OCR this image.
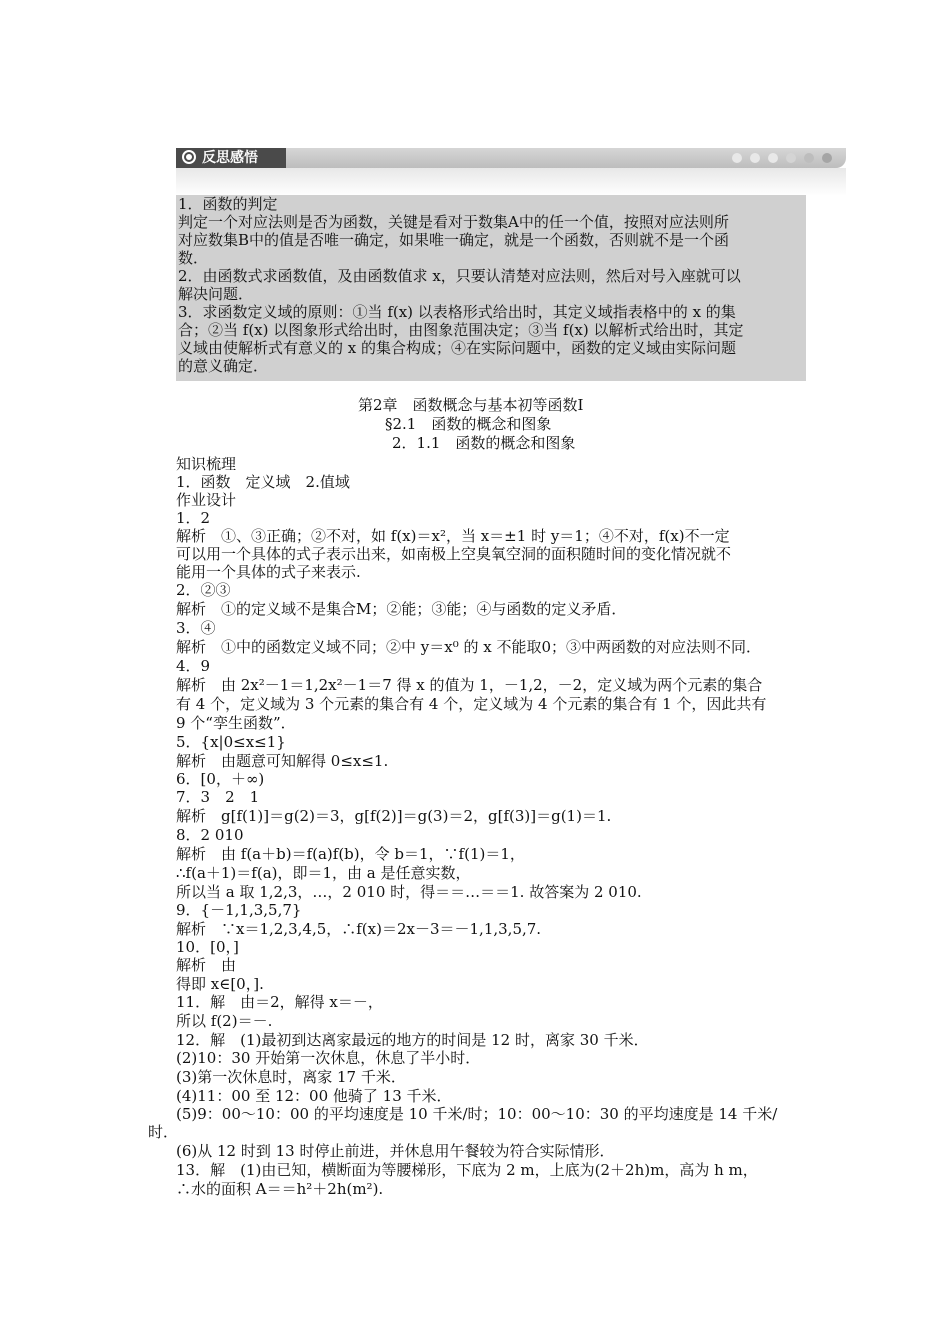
反思感悟
1．函数的判定
判定一个对应法则是否为函数，关键是看对于数集A中的任一个值，按照对应法则所
对应数集B中的值是否唯一确定，如果唯一确定，就是一个函数，否则就不是一个函
数．
2．由函数式求函数值，及由函数值求 x，只要认清楚对应法则，然后对号入座就可以
解决问题．
3．求函数定义域的原则：①当 f(x) 以表格形式给出时，其定义域指表格中的 x 的集
合；②当 f(x) 以图象形式给出时，由图象范围决定；③当 f(x) 以解析式给出时，其定
义域由使解析式有意义的 x 的集合构成；④在实际问题中，函数的定义域由实际问题
的意义确定．
第2章　函数概念与基本初等函数Ⅰ
§2.1　函数的概念和图象
2．1.1　函数的概念和图象
知识梳理
1．函数　定义域　2.值域
作业设计
1．2
解析　①、③正确；②不对，如 f(x)＝x²，当 x＝±1 时 y＝1；④不对，f(x)不一定
可以用一个具体的式子表示出来，如南极上空臭氧空洞的面积随时间的变化情况就不
能用一个具体的式子来表示.
2．②③
解析　①的定义域不是集合M；②能；③能；④与函数的定义矛盾．
3．④
解析　①中的函数定义域不同；②中 y＝x⁰ 的 x 不能取0；③中两函数的对应法则不同．
4．9
解析　由 2x²－1＝1,2x²－1＝7 得 x 的值为 1，－1,2，－2，定义域为两个元素的集合
有 4 个，定义域为 3 个元素的集合有 4 个，定义域为 4 个元素的集合有 1 个，因此共有
9 个“孪生函数”．
5．{x|0≤x≤1}
解析　由题意可知解得 0≤x≤1.
6．[0，＋∞)
7．3　2　1
解析　g[f(1)]＝g(2)＝3，g[f(2)]＝g(3)＝2，g[f(3)]＝g(1)＝1.
8．2 010
解析　由 f(a＋b)＝f(a)f(b)，令 b＝1，∵f(1)＝1，
∴f(a＋1)＝f(a)，即＝1，由 a 是任意实数，
所以当 a 取 1,2,3，…，2 010 时，得＝＝…＝＝1. 故答案为 2 010.
9．{－1,1,3,5,7}
解析　∵x＝1,2,3,4,5，∴f(x)＝2x－3＝－1,1,3,5,7.
10．[0，]
解析　由
得即 x∈[0，].
11．解　由＝2，解得 x＝－，
所以 f(2)＝－.
12．解　(1)最初到达离家最远的地方的时间是 12 时，离家 30 千米．
(2)10：30 开始第一次休息，休息了半小时．
(3)第一次休息时，离家 17 千米．
(4)11：00 至 12：00 他骑了 13 千米．
(5)9：00～10：00 的平均速度是 10 千米/时；10：00～10：30 的平均速度是 14 千米/
时．
(6)从 12 时到 13 时停止前进，并休息用午餐较为符合实际情形．
13．解　(1)由已知，横断面为等腰梯形，下底为 2 m，上底为(2＋2h)m，高为 h m，
∴水的面积 A＝＝h²＋2h(m²).
